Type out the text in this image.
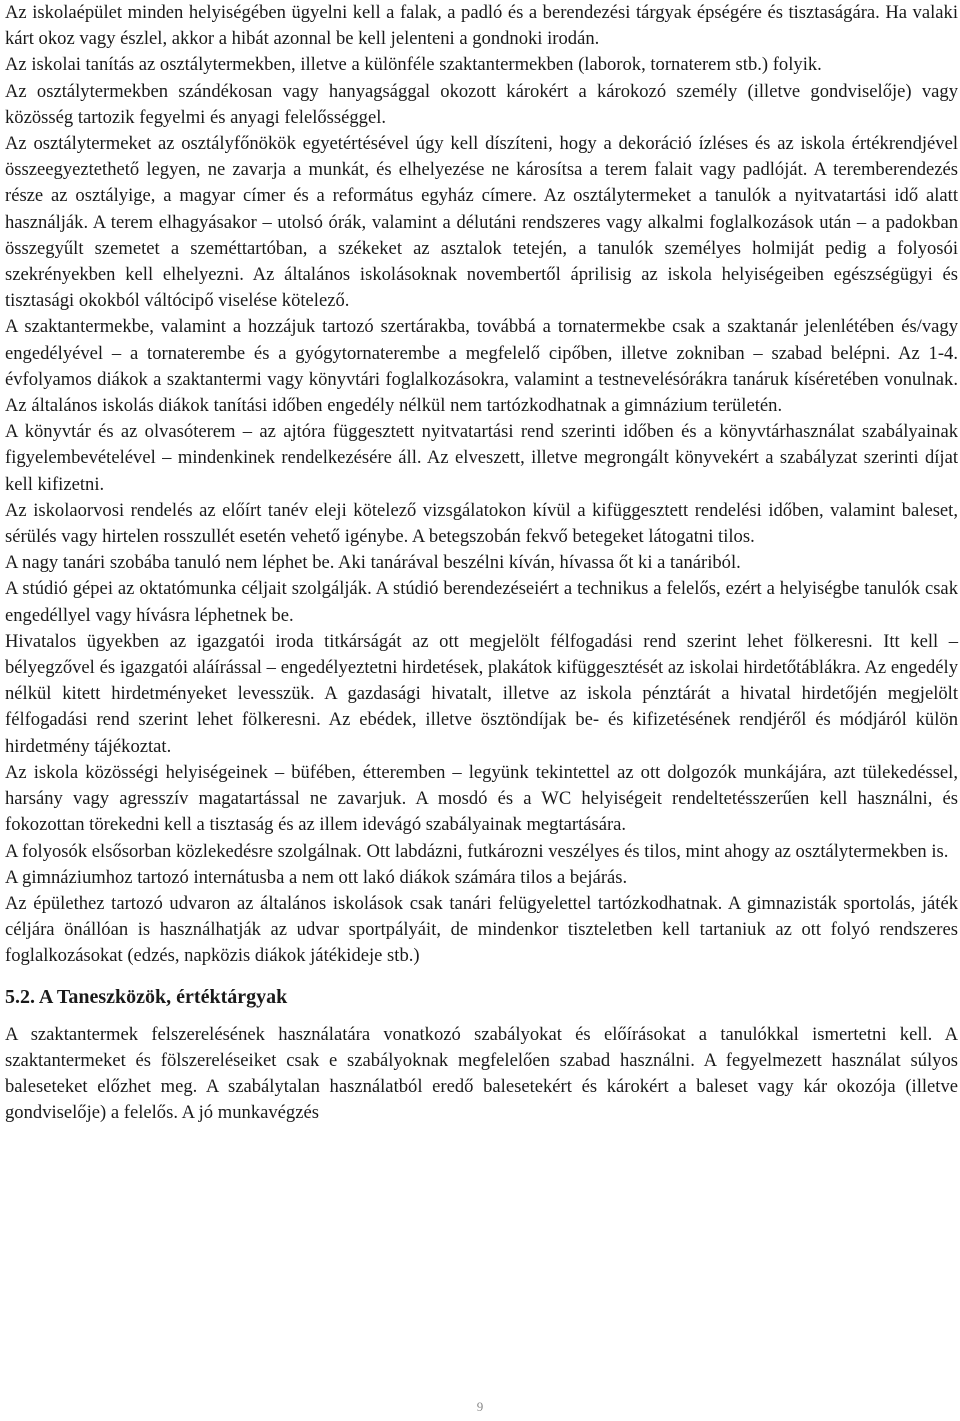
Az iskolaépület minden helyiségében ügyelni kell a falak, a padló és a berendezési tárgyak épségére és tisztaságára. Ha valaki kárt okoz vagy észlel, akkor a hibát azonnal be kell jelenteni a gondnoki irodán.

Az iskolai tanítás az osztálytermekben, illetve a különféle szaktantermekben (laborok, tornaterem stb.) folyik.

Az osztálytermekben szándékosan vagy hanyagsággal okozott károkért a károkozó személy (illetve gondviselője) vagy közösség tartozik fegyelmi és anyagi felelősséggel.

Az osztálytermeket az osztályfőnökök egyetértésével úgy kell díszíteni, hogy a dekoráció ízléses és az iskola értékrendjével összeegyeztethető legyen, ne zavarja a munkát, és elhelyezése ne károsítsa a terem falait vagy padlóját. A teremberendezés része az osztályige, a magyar címer és a református egyház címere. Az osztálytermeket a tanulók a nyitvatartási idő alatt használják. A terem elhagyásakor – utolsó órák, valamint a délutáni rendszeres vagy alkalmi foglalkozások után – a padokban összegyűlt szemetet a szeméttartóban, a székeket az asztalok tetején, a tanulók személyes holmiját pedig a folyosói szekrényekben kell elhelyezni. Az általános iskolásoknak novembertől áprilisig az iskola helyiségeiben egészségügyi és tisztasági okokból váltócipő viselése kötelező.

A szaktantermekbe, valamint a hozzájuk tartozó szertárakba, továbbá a tornatermekbe csak a szaktanár jelenlétében és/vagy engedélyével – a tornaterembe és a gyógytornaterembe a megfelelő cipőben, illetve zokniban – szabad belépni. Az 1-4. évfolyamos diákok a szaktantermi vagy könyvtári foglalkozásokra, valamint a testnevelésórákra tanáruk kíséretében vonulnak. Az általános iskolás diákok tanítási időben engedély nélkül nem tartózkodhatnak a gimnázium területén.

A könyvtár és az olvasóterem – az ajtóra függesztett nyitvatartási rend szerinti időben és a könyvtárhasználat szabályainak figyelembevételével – mindenkinek rendelkezésére áll. Az elveszett, illetve megrongált könyvekért a szabályzat szerinti díjat kell kifizetni.

Az iskolaorvosi rendelés az előírt tanév eleji kötelező vizsgálatokon kívül a kifüggesztett rendelési időben, valamint baleset, sérülés vagy hirtelen rosszullét esetén vehető igénybe. A betegszobán fekvő betegeket látogatni tilos.

A nagy tanári szobába tanuló nem léphet be. Aki tanárával beszélni kíván, hívassa őt ki a tanáriból.

A stúdió gépei az oktatómunka céljait szolgálják. A stúdió berendezéseiért a technikus a felelős, ezért a helyiségbe tanulók csak engedéllyel vagy hívásra léphetnek be.

Hivatalos ügyekben az igazgatói iroda titkárságát az ott megjelölt félfogadási rend szerint lehet fölkeresni. Itt kell – bélyegzővel és igazgatói aláírással – engedélyeztetni hirdetések, plakátok kifüggesztését az iskolai hirdetőtáblákra. Az engedély nélkül kitett hirdetményeket levesszük. A gazdasági hivatalt, illetve az iskola pénztárát a hivatal hirdetőjén megjelölt félfogadási rend szerint lehet fölkeresni. Az ebédek, illetve ösztöndíjak be- és kifizetésének rendjéről és módjáról külön hirdetmény tájékoztat.

Az iskola közösségi helyiségeinek – büfében, étteremben – legyünk tekintettel az ott dolgozók munkájára, azt tülekedéssel, harsány vagy agresszív magatartással ne zavarjuk. A mosdó és a WC helyiségeit rendeltetésszerűen kell használni, és fokozottan törekedni kell a tisztaság és az illem idevágó szabályainak megtartására.

A folyosók elsősorban közlekedésre szolgálnak. Ott labdázni, futkározni veszélyes és tilos, mint ahogy az osztálytermekben is.

A gimnáziumhoz tartozó internátusba a nem ott lakó diákok számára tilos a bejárás.

Az épülethez tartozó udvaron az általános iskolások csak tanári felügyelettel tartózkodhatnak. A gimnazisták sportolás, játék céljára önállóan is használhatják az udvar sportpályáit, de mindenkor tiszteletben kell tartaniuk az ott folyó rendszeres foglalkozásokat (edzés, napközis diákok játékideje stb.)

5.2. A Taneszközök, értéktárgyak

A szaktantermek felszerelésének használatára vonatkozó szabályokat és előírásokat a tanulókkal ismertetni kell. A szaktantermeket és fölszereléseiket csak e szabályoknak megfelelően szabad használni. A fegyelmezett használat súlyos baleseteket előzhet meg. A szabálytalan használatból eredő balesetekért és károkért a baleset vagy kár okozója (illetve gondviselője) a felelős. A jó munkavégzés

9
